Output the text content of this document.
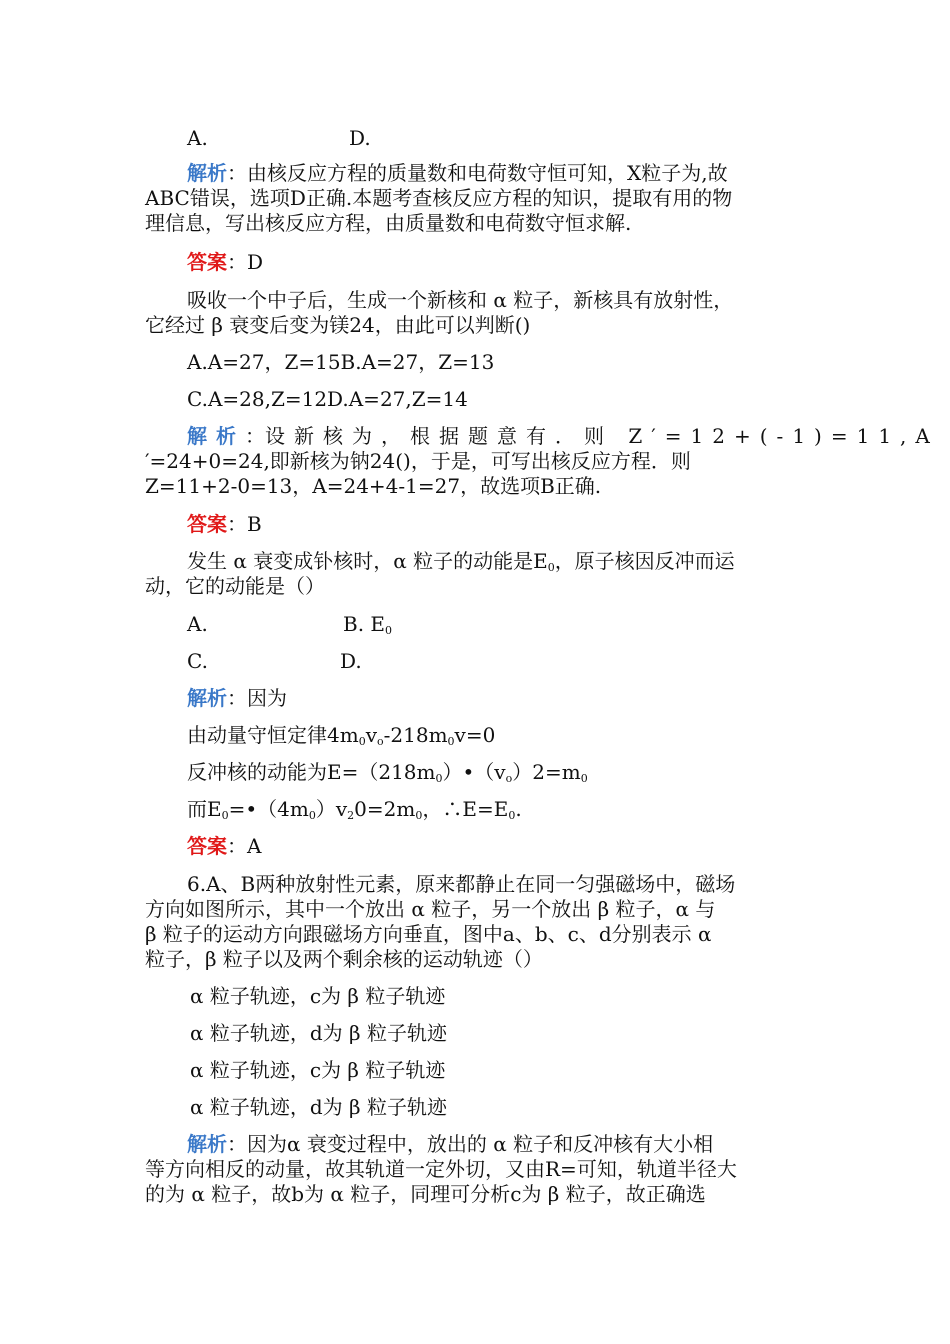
A.	D.
解析：由核反应方程的质量数和电荷数守恒可知，X粒子为,故
ABC错误，选项D正确.本题考查核反应方程的知识，提取有用的物
理信息，写出核反应方程，由质量数和电荷数守恒求解.
答案：D
吸收一个中子后，生成一个新核和 α 粒子，新核具有放射性，
它经过 β 衰变后变为镁24，由此可以判断()
A.A=27，Z=15B.A=27，Z=13
C.A=28,Z=12D.A=27,Z=14
解析：设新核为，根据题意有．则 Z′=12+(-1)=11,A
′=24+0=24,即新核为钠24()，于是，可写出核反应方程．则
Z=11+2-0=13，A=24+4-1=27，故选项B正确.
答案：B
发生 α 衰变成钋核时，α 粒子的动能是$E_0$，原子核因反冲而运
动，它的动能是（）
A.	B. $E_0$
C.	D.
解析：因为
由动量守恒定律$4m_0v_o-218m_0v=0$
反冲核的动能为$E=(218m_0)•(v_o)2=m_0$
而$E_0=•(4m_0)v_20=2m_0$，$\therefore E=E_0$.
答案：A
6.A、B两种放射性元素，原来都静止在同一匀强磁场中，磁场
方向如图所示，其中一个放出 α 粒子，另一个放出 β 粒子，α 与
β 粒子的运动方向跟磁场方向垂直，图中a、b、c、d分别表示 α
粒子，β 粒子以及两个剩余核的运动轨迹（）
α 粒子轨迹，c为 β 粒子轨迹
α 粒子轨迹，d为 β 粒子轨迹
α 粒子轨迹，c为 β 粒子轨迹
α 粒子轨迹，d为 β 粒子轨迹
解析：因为α 衰变过程中，放出的 α 粒子和反冲核有大小相
等方向相反的动量，故其轨道一定外切，又由R=可知，轨道半径大
的为 α 粒子，故b为 α 粒子，同理可分析c为 β 粒子，故正确选
